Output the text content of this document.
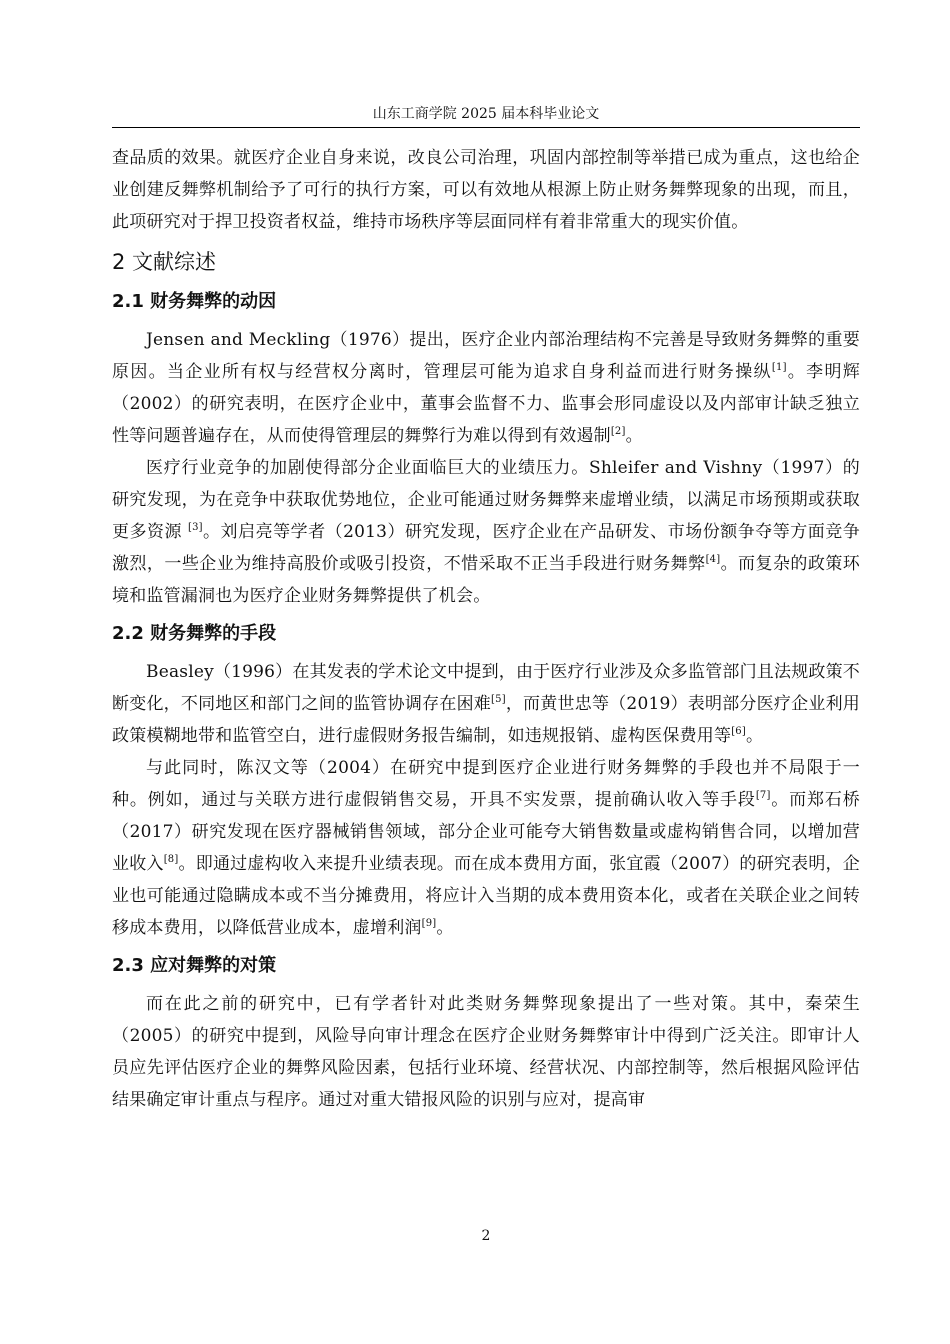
山东工商学院 2025 届本科毕业论文

查品质的效果。就医疗企业自身来说，改良公司治理，巩固内部控制等举措已成为重点，这也给企业创建反舞弊机制给予了可行的执行方案，可以有效地从根源上防止财务舞弊现象的出现，而且，此项研究对于捍卫投资者权益，维持市场秩序等层面同样有着非常重大的现实价值。

2 文献综述
2.1 财务舞弊的动因

Jensen and Meckling（1976）提出，医疗企业内部治理结构不完善是导致财务舞弊的重要原因。当企业所有权与经营权分离时，管理层可能为追求自身利益而进行财务操纵[1]。李明辉（2002）的研究表明，在医疗企业中，董事会监督不力、监事会形同虚设以及内部审计缺乏独立性等问题普遍存在，从而使得管理层的舞弊行为难以得到有效遏制[2]。

医疗行业竞争的加剧使得部分企业面临巨大的业绩压力。Shleifer and Vishny（1997）的研究发现，为在竞争中获取优势地位，企业可能通过财务舞弊来虚增业绩，以满足市场预期或获取更多资源 [3]。刘启亮等学者（2013）研究发现，医疗企业在产品研发、市场份额争夺等方面竞争激烈，一些企业为维持高股价或吸引投资，不惜采取不正当手段进行财务舞弊[4]。而复杂的政策环境和监管漏洞也为医疗企业财务舞弊提供了机会。

2.2 财务舞弊的手段

Beasley（1996）在其发表的学术论文中提到，由于医疗行业涉及众多监管部门且法规政策不断变化，不同地区和部门之间的监管协调存在困难[5]，而黄世忠等（2019）表明部分医疗企业利用政策模糊地带和监管空白，进行虚假财务报告编制，如违规报销、虚构医保费用等[6]。

与此同时，陈汉文等（2004）在研究中提到医疗企业进行财务舞弊的手段也并不局限于一种。例如，通过与关联方进行虚假销售交易，开具不实发票，提前确认收入等手段[7]。而郑石桥（2017）研究发现在医疗器械销售领域，部分企业可能夸大销售数量或虚构销售合同，以增加营业收入[8]。即通过虚构收入来提升业绩表现。而在成本费用方面，张宜霞（2007）的研究表明，企业也可能通过隐瞒成本或不当分摊费用，将应计入当期的成本费用资本化，或者在关联企业之间转移成本费用，以降低营业成本，虚增利润[9]。

2.3 应对舞弊的对策

而在此之前的研究中，已有学者针对此类财务舞弊现象提出了一些对策。其中，秦荣生（2005）的研究中提到，风险导向审计理念在医疗企业财务舞弊审计中得到广泛关注。即审计人员应先评估医疗企业的舞弊风险因素，包括行业环境、经营状况、内部控制等，然后根据风险评估结果确定审计重点与程序。通过对重大错报风险的识别与应对，提高审

2
